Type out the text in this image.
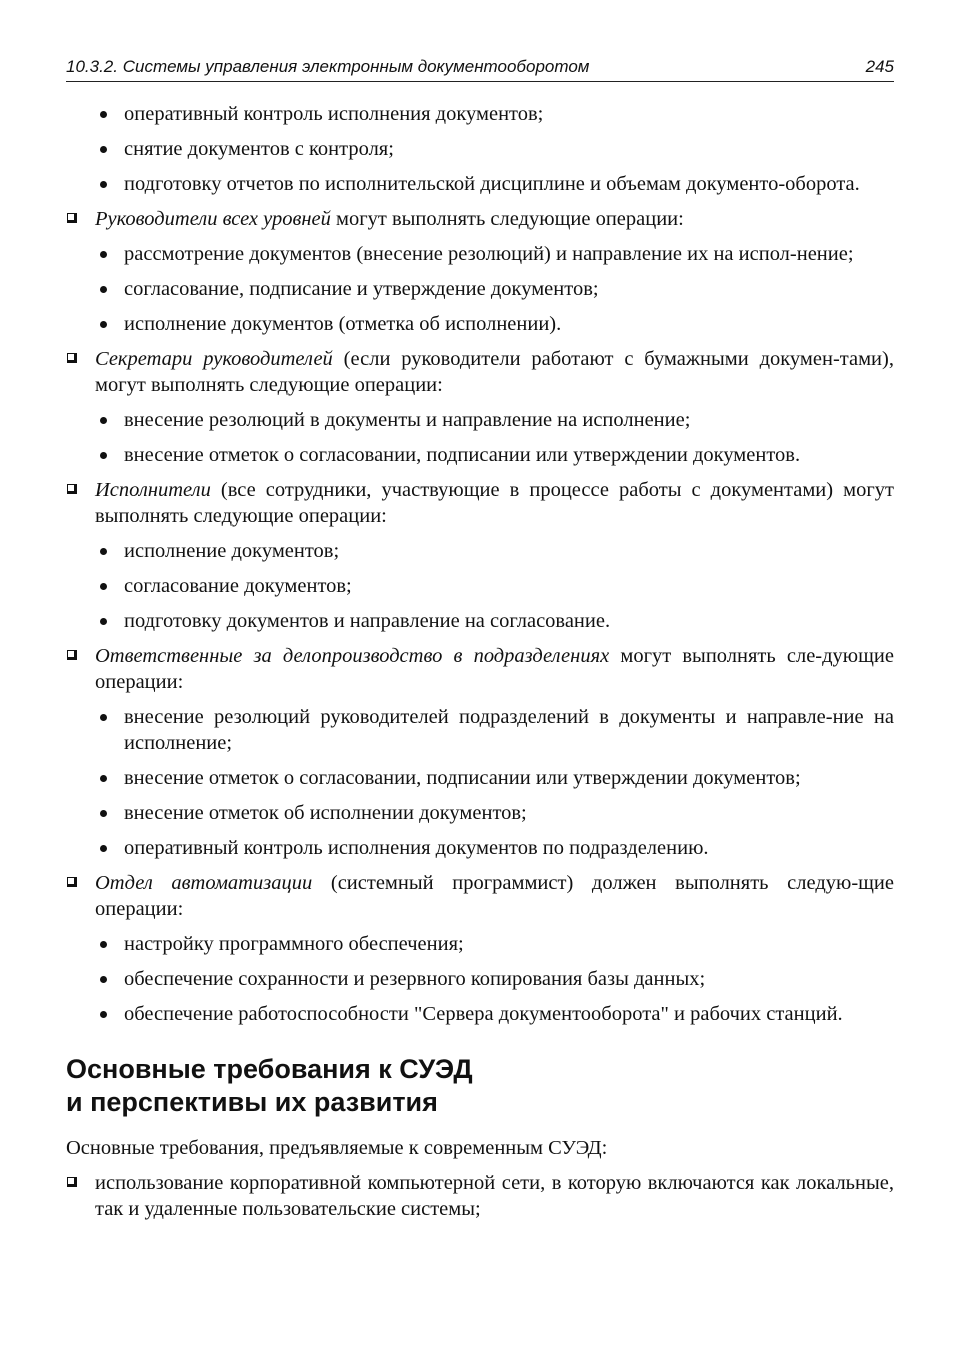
10.3.2. Системы управления электронным документооборотом	245
оперативный контроль исполнения документов;
снятие документов с контроля;
подготовку отчетов по исполнительской дисциплине и объемам документо-оборота.
Руководители всех уровней могут выполнять следующие операции:
рассмотрение документов (внесение резолюций) и направление их на испол-нение;
согласование, подписание и утверждение документов;
исполнение документов (отметка об исполнении).
Секретари руководителей (если руководители работают с бумажными докумен-тами), могут выполнять следующие операции:
внесение резолюций в документы и направление на исполнение;
внесение отметок о согласовании, подписании или утверждении документов.
Исполнители (все сотрудники, участвующие в процессе работы с документами) могут выполнять следующие операции:
исполнение документов;
согласование документов;
подготовку документов и направление на согласование.
Ответственные за делопроизводство в подразделениях могут выполнять сле-дующие операции:
внесение резолюций руководителей подразделений в документы и направле-ние на исполнение;
внесение отметок о согласовании, подписании или утверждении документов;
внесение отметок об исполнении документов;
оперативный контроль исполнения документов по подразделению.
Отдел автоматизации (системный программист) должен выполнять следую-щие операции:
настройку программного обеспечения;
обеспечение сохранности и резервного копирования базы данных;
обеспечение работоспособности "Сервера документооборота" и рабочих станций.
Основные требования к СУЭД
и перспективы их развития
Основные требования, предъявляемые к современным СУЭД:
использование корпоративной компьютерной сети, в которую включаются как локальные, так и удаленные пользовательские системы;
